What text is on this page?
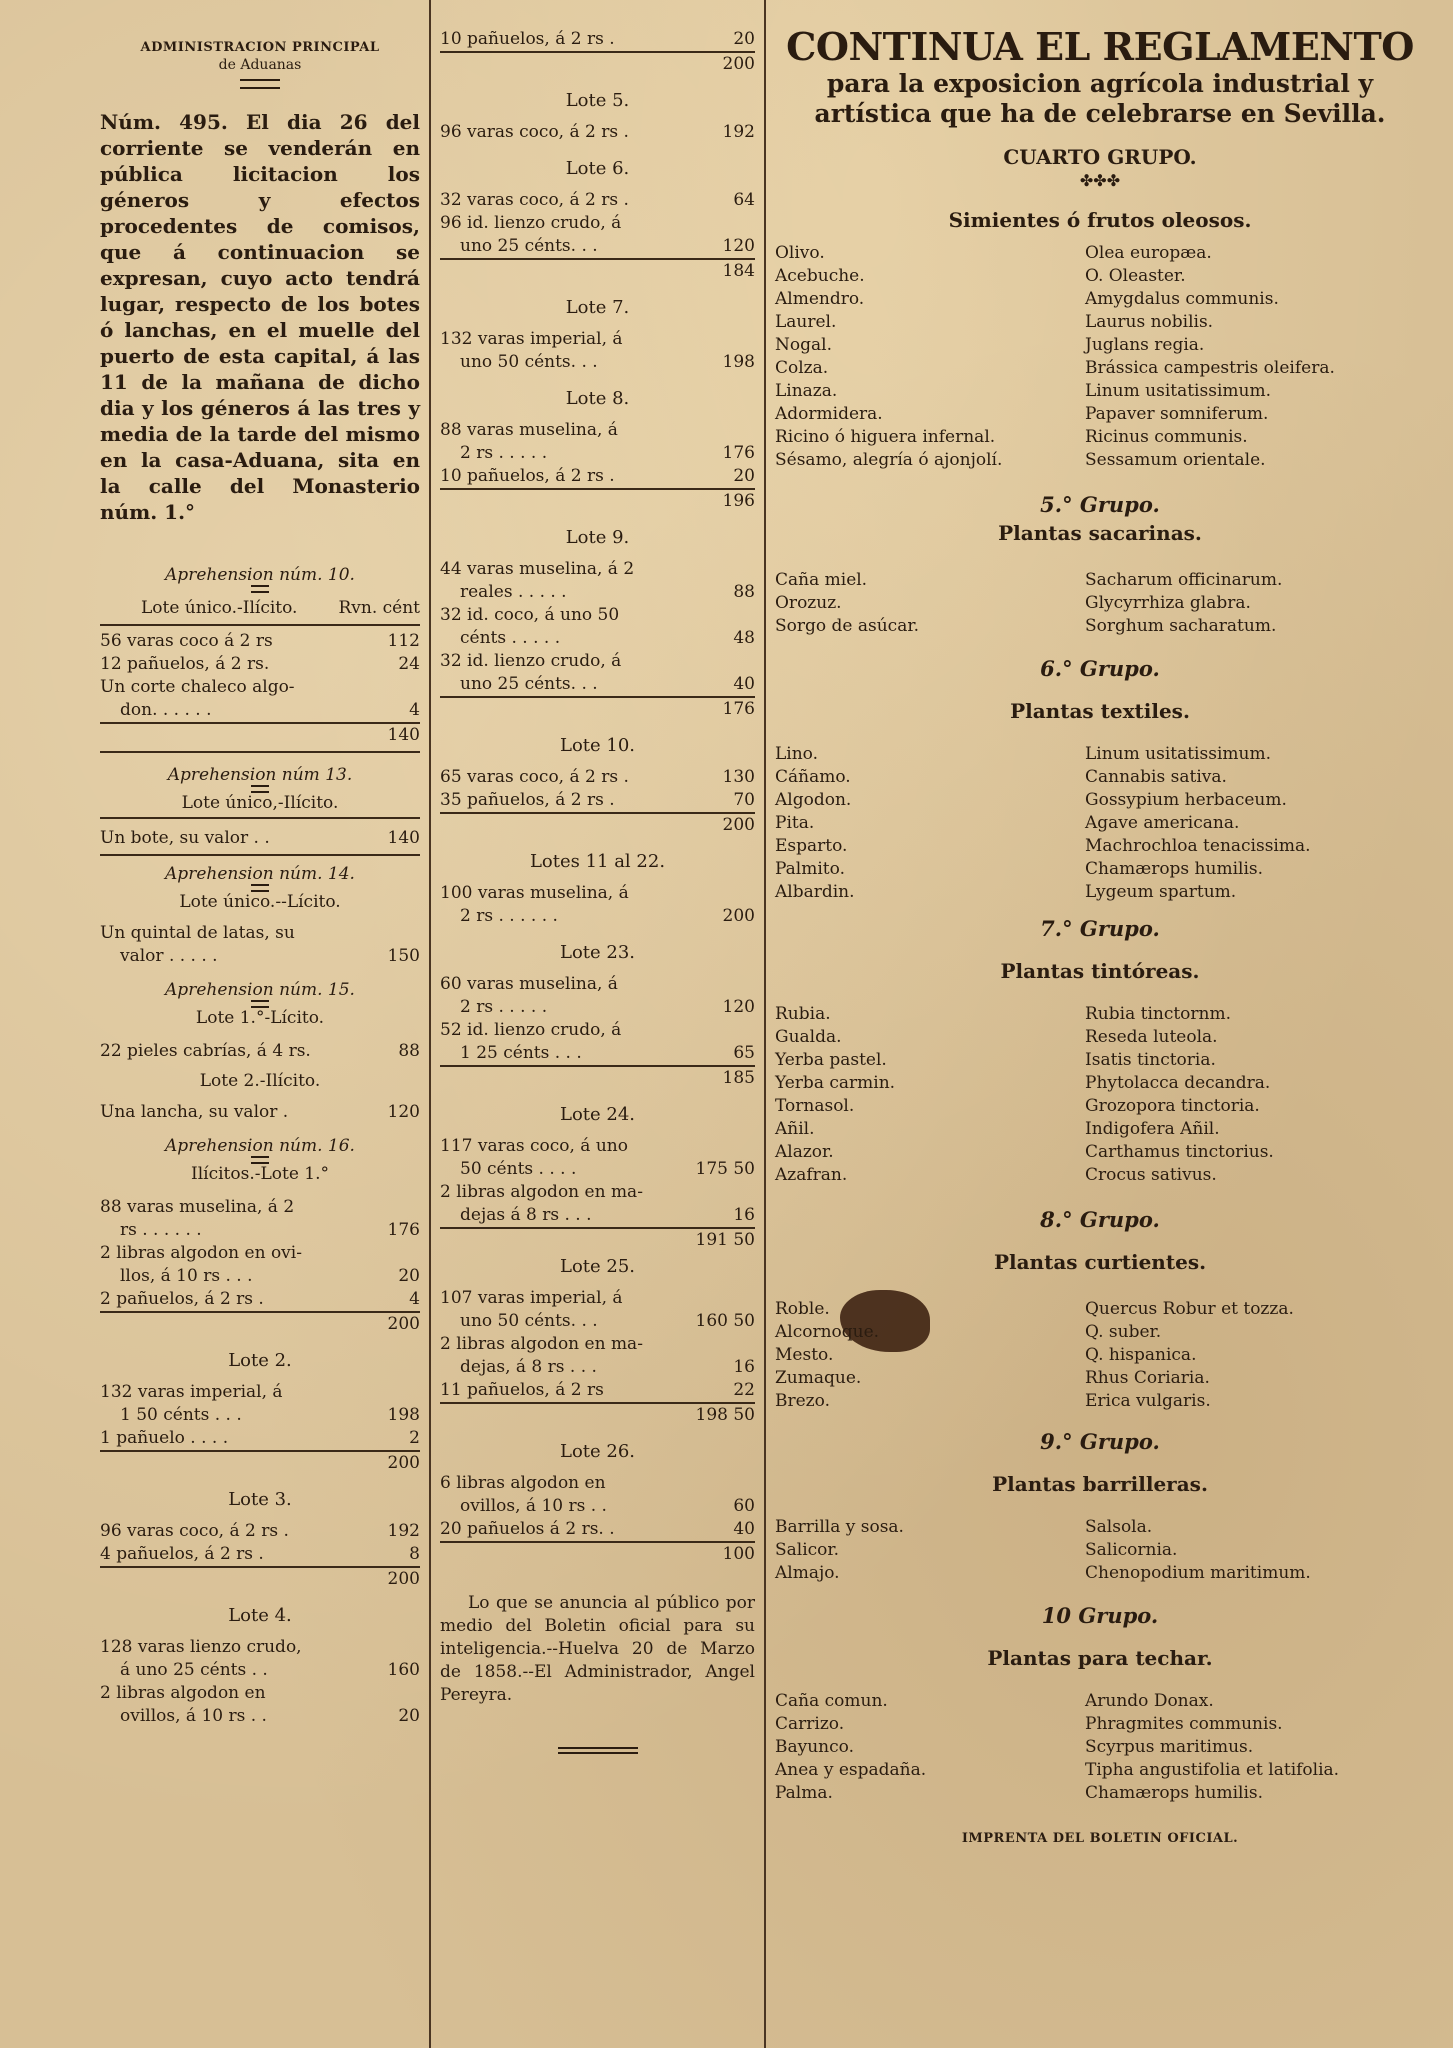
ADMINISTRACION PRINCIPAL
de Aduanas

Núm. 495. El dia 26 del corriente se venderán en pública licitacion los géneros y efectos procedentes de comisos, que á continuacion se expresan, cuyo acto tendrá lugar, respecto de los botes ó lanchas, en el muelle del puerto de esta capital, á las 11 de la mañana de dicho dia y los géneros á las tres y media de la tarde del mismo en la casa-Aduana, sita en la calle del Monasterio núm. 1.°

Aprehension núm. 10.
Lote único.-Ilícito.	Rvn. cént
56 varas coco á 2 rs	112
12 pañuelos, á 2 rs.	24
Un corte chaleco algo-
don. . . . . .	4
140
Aprehension núm 13.
Lote único,-Ilícito.
Un bote, su valor . .	140
Aprehension núm. 14.
Lote único.--Lícito.
Un quintal de latas, su
valor . . . . .	150
Aprehension núm. 15.
Lote 1.°-Lícito.
22 pieles cabrías, á 4 rs.	88
Lote 2.-Ilícito.
Una lancha, su valor .	120
Aprehension núm. 16.
Ilícitos.-Lote 1.°
88 varas muselina, á 2
rs . . . . . .	176
2 libras algodon en ovi-
llos, á 10 rs . . .	20
2 pañuelos, á 2 rs .	4
200
Lote 2.
132 varas imperial, á
1 50 cénts . . .	198
1 pañuelo . . . .	2
200
Lote 3.
96 varas coco, á 2 rs .	192
4 pañuelos, á 2 rs .	8
200
Lote 4.
128 varas lienzo crudo,
á uno 25 cénts . .	160
2 libras algodon en
ovillos, á 10 rs . .	20
10 pañuelos, á 2 rs .	20
200
Lote 5.
96 varas coco, á 2 rs .	192
Lote 6.
32 varas coco, á 2 rs .	64
96 id. lienzo crudo, á
uno 25 cénts. . .	120
184
Lote 7.
132 varas imperial, á
uno 50 cénts. . .	198
Lote 8.
88 varas muselina, á
2 rs . . . . .	176
10 pañuelos, á 2 rs .	20
196
Lote 9.
44 varas muselina, á 2
reales . . . . .	88
32 id. coco, á uno 50
cénts . . . . .	48
32 id. lienzo crudo, á
uno 25 cénts. . .	40
176
Lote 10.
65 varas coco, á 2 rs .	130
35 pañuelos, á 2 rs .	70
200
Lotes 11 al 22.
100 varas muselina, á
2 rs . . . . . .	200
Lote 23.
60 varas muselina, á
2 rs . . . . .	120
52 id. lienzo crudo, á
1 25 cénts . . .	65
185
Lote 24.
117 varas coco, á uno
50 cénts . . . .	175 50
2 libras algodon en ma-
dejas á 8 rs . . .	16
191 50
Lote 25.
107 varas imperial, á
uno 50 cénts. . .	160 50
2 libras algodon en ma-
dejas, á 8 rs . . .	16
11 pañuelos, á 2 rs	22
198 50
Lote 26.
6 libras algodon en
ovillos, á 10 rs . .	60
20 pañuelos á 2 rs. .	40
100

Lo que se anuncia al público por medio del Boletin oficial para su inteligencia.--Huelva 20 de Marzo de 1858.--El Administrador, Angel Pereyra.

CONTINUA EL REGLAMENTO
para la exposicion agrícola industrial y artística que ha de celebrarse en Sevilla.
CUARTO GRUPO.
✤✤✤
Simientes ó frutos oleosos.
Olivo.	Olea europæa.
Acebuche.	O. Oleaster.
Almendro.	Amygdalus communis.
Laurel.	Laurus nobilis.
Nogal.	Juglans regia.
Colza.	Brássica campestris oleifera.
Linaza.	Linum usitatissimum.
Adormidera.	Papaver somniferum.
Ricino ó higuera infernal.	Ricinus communis.
Sésamo, alegría ó ajonjolí.	Sessamum orientale.
5.° Grupo.
Plantas sacarinas.
Caña miel.	Sacharum officinarum.
Orozuz.	Glycyrrhiza glabra.
Sorgo de asúcar.	Sorghum sacharatum.
6.° Grupo.
Plantas textiles.
Lino.	Linum usitatissimum.
Cáñamo.	Cannabis sativa.
Algodon.	Gossypium herbaceum.
Pita.	Agave americana.
Esparto.	Machrochloa tenacissima.
Palmito.	Chamærops humilis.
Albardin.	Lygeum spartum.
7.° Grupo.
Plantas tintóreas.
Rubia.	Rubia tinctornm.
Gualda.	Reseda luteola.
Yerba pastel.	Isatis tinctoria.
Yerba carmin.	Phytolacca decandra.
Tornasol.	Grozopora tinctoria.
Añil.	Indigofera Añil.
Alazor.	Carthamus tinctorius.
Azafran.	Crocus sativus.
8.° Grupo.
Plantas curtientes.
Roble.	Quercus Robur et tozza.
Alcornoque.	Q. suber.
Mesto.	Q. hispanica.
Zumaque.	Rhus Coriaria.
Brezo.	Erica vulgaris.
9.° Grupo.
Plantas barrilleras.
Barrilla y sosa.	Salsola.
Salicor.	Salicornia.
Almajo.	Chenopodium maritimum.
10 Grupo.
Plantas para techar.
Caña comun.	Arundo Donax.
Carrizo.	Phragmites communis.
Bayunco.	Scyrpus maritimus.
Anea y espadaña.	Tipha angustifolia et latifolia.
Palma.	Chamærops humilis.
IMPRENTA DEL BOLETIN OFICIAL.
